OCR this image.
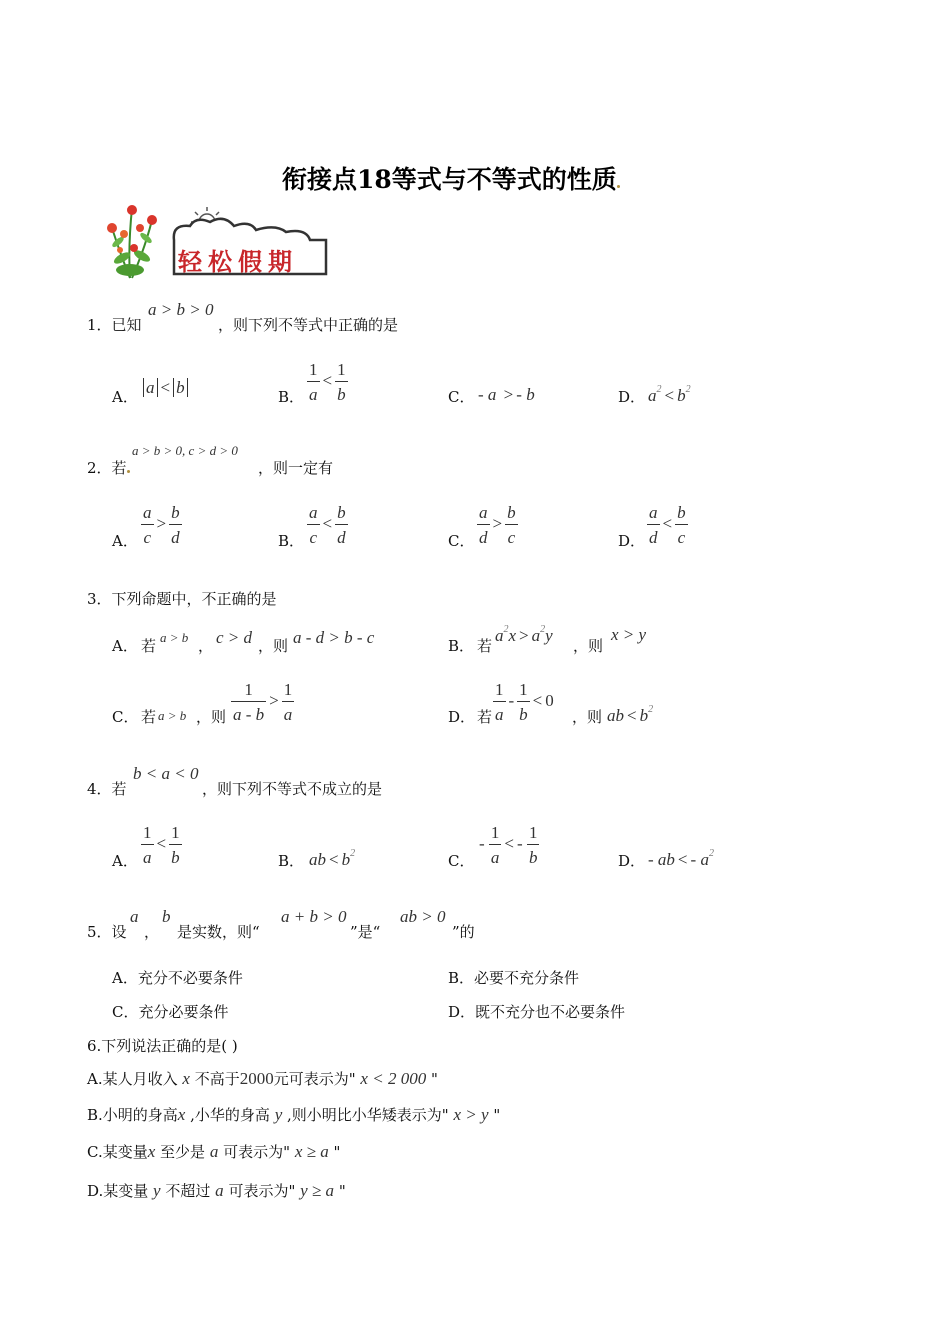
衔接点18等式与不等式的性质
轻松假期
1．已知
a > b > 0
，则下列不等式中正确的是
A． a < b	B． $\frac{1}{a} < \frac{1}{b}$	C． - a > - b	D． $a^2 < b^2$
2．若
a > b > 0, c > d > 0
，则一定有
A． $\frac{a}{c} > \frac{b}{d}$	B． $\frac{a}{c} < \frac{b}{d}$	C． $\frac{a}{d} > \frac{b}{c}$	D． $\frac{a}{d} < \frac{b}{c}$
3．下列命题中，不正确的是
A． 若 a > b ， c > d ，则 a - d > b - c	B． 若
$a^2x > a^2y$
，则
x > y
C． 若 a > b ，则 $\frac{1}{a - b} > \frac{1}{a}$	D． 若 $\frac{1}{a} - \frac{1}{b} < 0$
，则 ab < $b^2$
4．若
b < a < 0
，则下列不等式不成立的是
A． $\frac{1}{a} < \frac{1}{b}$	B． ab < $b^2$	C．
- $\frac{1}{a}$ < - $\frac{1}{b}$	D． - ab < - $a^2$
5．设
a
，
b
是实数，则“
a + b > 0
”是“
ab > 0
”的
A．充分不必要条件	B．必要不充分条件
C．充分必要条件	D．既不充分也不必要条件
6.下列说法正确的是( )
A.某人月收入 x 不高于2000元可表示为" x < 2 000 "
B.小明的身高x ,小华的身高 y ,则小明比小华矮表示为" x > y "
C.某变量x 至少是 a 可表示为" x ≥ a "
D.某变量 y 不超过 a 可表示为" y ≥ a "
